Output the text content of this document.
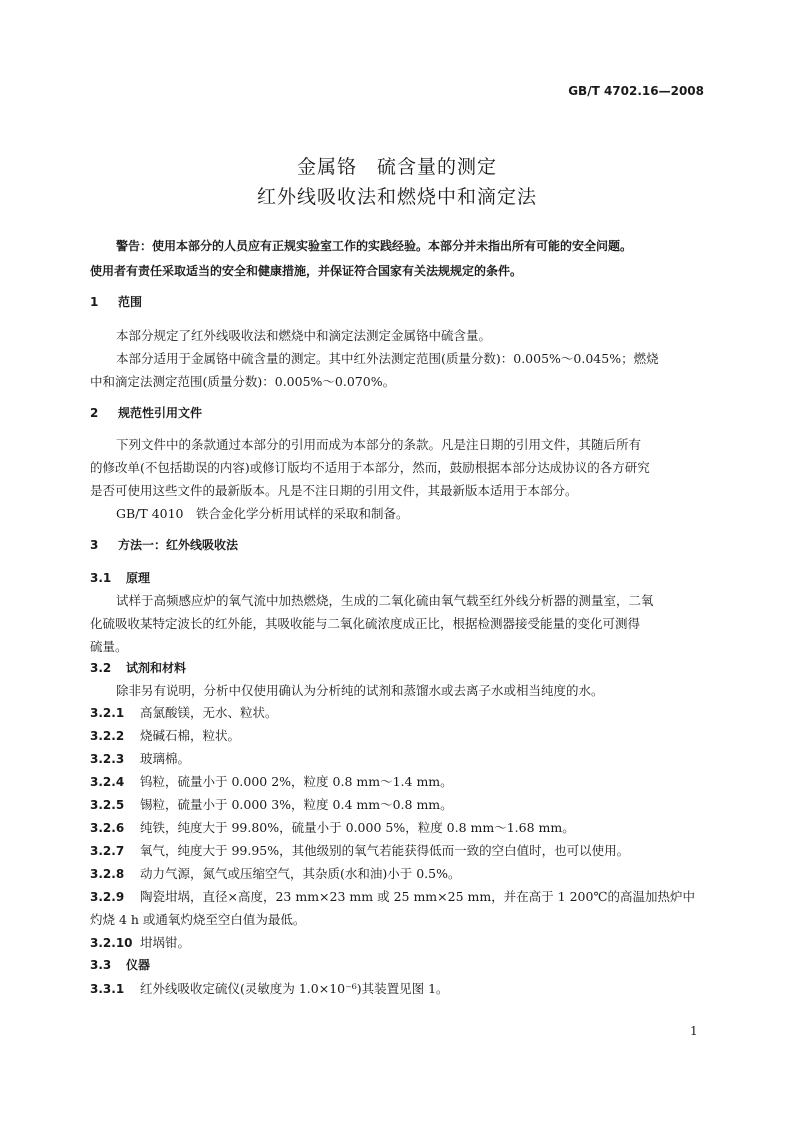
GB/T 4702.16—2008
金属铬　硫含量的测定
红外线吸收法和燃烧中和滴定法
警告：使用本部分的人员应有正规实验室工作的实践经验。本部分并未指出所有可能的安全问题。
使用者有责任采取适当的安全和健康措施，并保证符合国家有关法规规定的条件。
1 范围
本部分规定了红外线吸收法和燃烧中和滴定法测定金属铬中硫含量。
本部分适用于金属铬中硫含量的测定。其中红外法测定范围(质量分数)：0.005%～0.045%；燃烧
中和滴定法测定范围(质量分数)：0.005%～0.070%。
2 规范性引用文件
下列文件中的条款通过本部分的引用而成为本部分的条款。凡是注日期的引用文件，其随后所有
的修改单(不包括勘误的内容)或修订版均不适用于本部分，然而，鼓励根据本部分达成协议的各方研究
是否可使用这些文件的最新版本。凡是不注日期的引用文件，其最新版本适用于本部分。
GB/T 4010　铁合金化学分析用试样的采取和制备。
3 方法一：红外线吸收法
3.1 原理
试样于高频感应炉的氧气流中加热燃烧，生成的二氧化硫由氧气载至红外线分析器的测量室，二氧
化硫吸收某特定波长的红外能，其吸收能与二氧化硫浓度成正比，根据检测器接受能量的变化可测得
硫量。
3.2 试剂和材料
除非另有说明，分析中仅使用确认为分析纯的试剂和蒸馏水或去离子水或相当纯度的水。
3.2.1 高氯酸镁，无水、粒状。
3.2.2 烧碱石棉，粒状。
3.2.3 玻璃棉。
3.2.4 钨粒，硫量小于 0.000 2%，粒度 0.8 mm～1.4 mm。
3.2.5 锡粒，硫量小于 0.000 3%，粒度 0.4 mm～0.8 mm。
3.2.6 纯铁，纯度大于 99.80%，硫量小于 0.000 5%，粒度 0.8 mm～1.68 mm。
3.2.7 氧气，纯度大于 99.95%，其他级别的氧气若能获得低而一致的空白值时，也可以使用。
3.2.8 动力气源，氮气或压缩空气，其杂质(水和油)小于 0.5%。
3.2.9 陶瓷坩埚，直径×高度，23 mm×23 mm 或 25 mm×25 mm，并在高于 1 200℃的高温加热炉中
灼烧 4 h 或通氧灼烧至空白值为最低。
3.2.10 坩埚钳。
3.3 仪器
3.3.1 红外线吸收定硫仪(灵敏度为 1.0×10⁻⁶)其装置见图 1。
1
